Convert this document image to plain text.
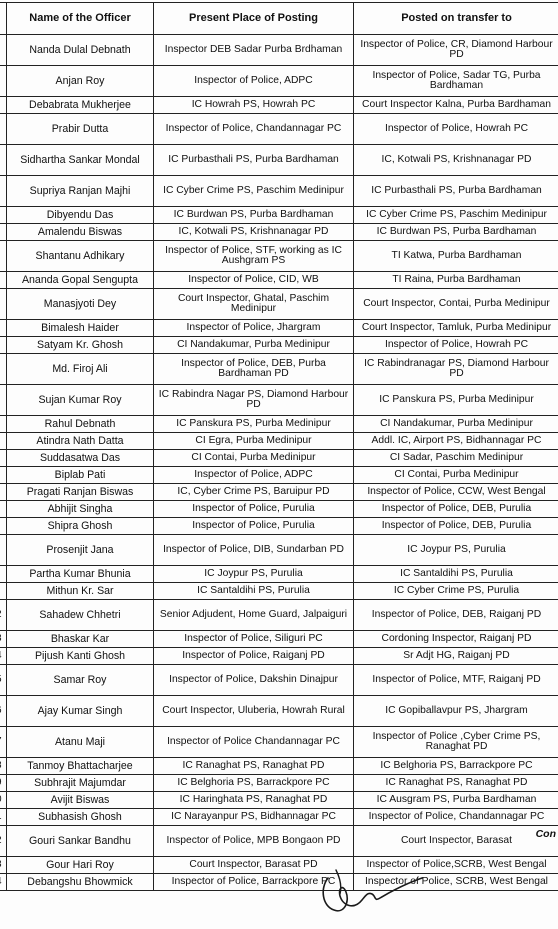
	Name of the Officer	Present Place of Posting	Posted on transfer to
	Nanda Dulal Debnath	Inspector DEB Sadar Purba Brdhaman	Inspector of Police, CR, Diamond Harbour PD
	Anjan Roy	Inspector of Police, ADPC	Inspector of Police, Sadar TG, Purba Bardhaman
	Debabrata Mukherjee	IC Howrah PS, Howrah PC	Court Inspector Kalna, Purba Bardhaman
	Prabir Dutta	Inspector of Police, Chandannagar PC	Inspector of Police, Howrah PC
	Sidhartha Sankar Mondal	IC Purbasthali PS, Purba Bardhaman	IC, Kotwali PS, Krishnanagar PD
	Supriya Ranjan Majhi	IC Cyber Crime PS, Paschim Medinipur	IC Purbasthali PS, Purba Bardhaman
	Dibyendu Das	IC Burdwan PS, Purba Bardhaman	IC Cyber Crime PS, Paschim Medinipur
	Amalendu Biswas	IC, Kotwali PS, Krishnanagar PD	IC Burdwan PS, Purba Bardhaman
	Shantanu Adhikary	Inspector of Police, STF, working as IC Aushgram PS	TI Katwa, Purba Bardhaman
	Ananda Gopal Sengupta	Inspector of Police, CID, WB	TI Raina, Purba Bardhaman
	Manasjyoti Dey	Court Inspector, Ghatal, Paschim Medinipur	Court Inspector, Contai, Purba Medinipur
	Bimalesh Haider	Inspector of Police, Jhargram	Court Inspector, Tamluk, Purba Medinipur
	Satyam Kr. Ghosh	CI Nandakumar, Purba Medinipur	Inspector of Police, Howrah PC
	Md. Firoj Ali	Inspector of Police, DEB, Purba Bardhaman PD	IC Rabindranagar PS, Diamond Harbour PD
	Sujan Kumar Roy	IC Rabindra Nagar PS, Diamond Harbour PD	IC Panskura PS, Purba Medinipur
	Rahul Debnath	IC Panskura PS, Purba Medinipur	CI Nandakumar, Purba Medinipur
	Atindra Nath Datta	CI Egra, Purba Medinipur	Addl. IC, Airport PS, Bidhannagar PC
	Suddasatwa Das	CI Contai, Purba Medinipur	CI Sadar, Paschim Medinipur
	Biplab Pati	Inspector of Police, ADPC	CI Contai, Purba Medinipur
	Pragati Ranjan Biswas	IC, Cyber Crime PS, Baruipur PD	Inspector of Police, CCW, West Bengal
	Abhijit Singha	Inspector of Police, Purulia	Inspector of Police, DEB, Purulia
	Shipra Ghosh	Inspector of Police, Purulia	Inspector of Police, DEB, Purulia
	Prosenjit Jana	Inspector of Police, DIB, Sundarban PD	IC Joypur PS, Purulia
	Partha Kumar Bhunia	IC Joypur PS, Purulia	IC Santaldihi PS, Purulia
	Mithun Kr. Sar	IC Santaldihi PS, Purulia	IC Cyber Crime PS, Purulia
	Sahadew Chhetri	Senior Adjudent, Home Guard, Jalpaiguri	Inspector of Police, DEB, Raiganj PD
	Bhaskar Kar	Inspector of Police, Siliguri PC	Cordoning Inspector, Raiganj PD
	Pijush Kanti Ghosh	Inspector of Police, Raiganj PD	Sr Adjt HG, Raiganj PD
	Samar Roy	Inspector of Police, Dakshin Dinajpur	Inspector of Police, MTF, Raiganj PD
	Ajay Kumar Singh	Court Inspector, Uluberia, Howrah Rural	IC Gopiballavpur PS, Jhargram
	Atanu Maji	Inspector of Police Chandannagar PC	Inspector of Police ,Cyber Crime PS, Ranaghat PD
	Tanmoy Bhattacharjee	IC Ranaghat PS, Ranaghat PD	IC Belghoria PS, Barrackpore PC
	Subhrajit Majumdar	IC Belghoria PS, Barrackpore PC	IC Ranaghat PS, Ranaghat PD
	Avijit Biswas	IC Haringhata PS, Ranaghat PD	IC Ausgram PS, Purba Bardhaman
	Subhasish Ghosh	IC Narayanpur PS, Bidhannagar PC	Inspector of Police, Chandannagar PC
	Gouri Sankar Bandhu	Inspector of Police, MPB Bongaon PD	Court Inspector, Barasat
	Gour Hari Roy	Court Inspector, Barasat PD	Inspector of Police,SCRB, West Bengal
	Debangshu Bhowmick	Inspector of Police, Barrackpore PC	Inspector of Police, SCRB, West Bengal
Con
